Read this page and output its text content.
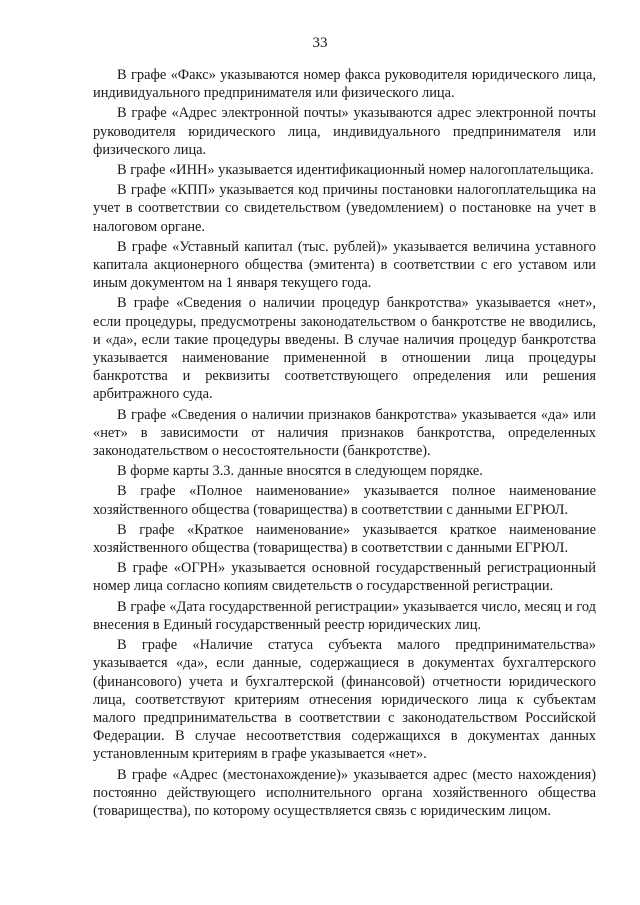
33

В графе «Факс» указываются номер факса руководителя юридического лица, индивидуального предпринимателя или физического лица.

В графе «Адрес электронной почты» указываются адрес электронной почты руководителя юридического лица, индивидуального предпринимателя или физического лица.

В графе «ИНН» указывается идентификационный номер налогоплательщика.

В графе «КПП» указывается код причины постановки налогоплательщика на учет в соответствии со свидетельством (уведомлением) о постановке на учет в налоговом органе.

В графе «Уставный капитал (тыс. рублей)» указывается величина уставного капитала акционерного общества (эмитента) в соответствии с его уставом или иным документом на 1 января текущего года.

В графе «Сведения о наличии процедур банкротства» указывается «нет», если процедуры, предусмотрены законодательством о банкротстве не вводились, и «да», если такие процедуры введены. В случае наличия процедур банкротства указывается наименование примененной в отношении лица процедуры банкротства и реквизиты соответствующего определения или решения арбитражного суда.

В графе «Сведения о наличии признаков банкротства» указывается «да» или «нет» в зависимости от наличия признаков банкротства, определенных законодательством о несостоятельности (банкротстве).

В форме карты 3.3. данные вносятся в следующем порядке.

В графе «Полное наименование» указывается полное наименование хозяйственного общества (товарищества) в соответствии с данными ЕГРЮЛ.

В графе «Краткое наименование» указывается краткое наименование хозяйственного общества (товарищества) в соответствии с данными ЕГРЮЛ.

В графе «ОГРН» указывается основной государственный регистрационный номер лица согласно копиям свидетельств о государственной регистрации.

В графе «Дата государственной регистрации» указывается число, месяц и год внесения в Единый государственный реестр юридических лиц.

В графе «Наличие статуса субъекта малого предпринимательства» указывается «да», если данные, содержащиеся в документах бухгалтерского (финансового) учета и бухгалтерской (финансовой) отчетности юридического лица, соответствуют критериям отнесения юридического лица к субъектам малого предпринимательства в соответствии с законодательством Российской Федерации. В случае несоответствия содержащихся в документах данных установленным критериям в графе указывается «нет».

В графе «Адрес (местонахождение)» указывается адрес (место нахождения) постоянно действующего исполнительного органа хозяйственного общества (товарищества), по которому осуществляется связь с юридическим лицом.
